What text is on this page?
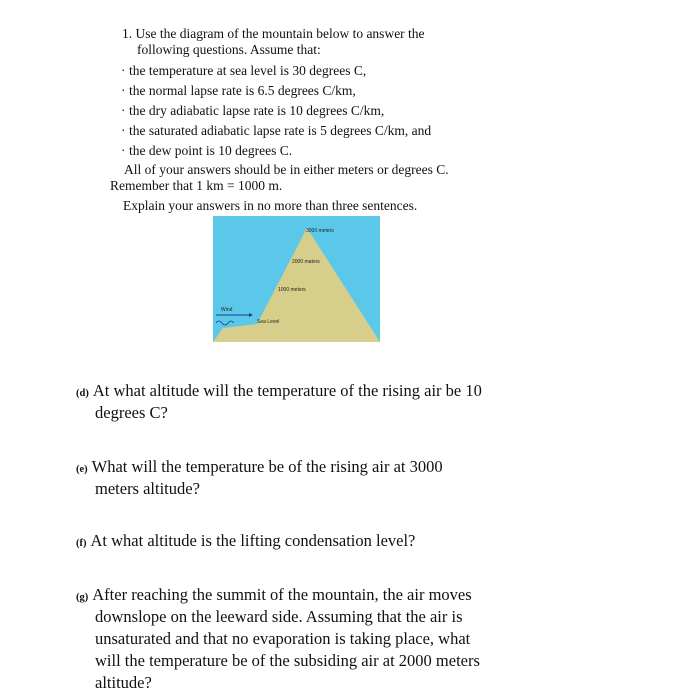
1. Use the diagram of the mountain below to answer the
following questions. Assume that:
· the temperature at sea level is 30 degrees C,
· the normal lapse rate is 6.5 degrees C/km,
· the dry adiabatic lapse rate is 10 degrees C/km,
· the saturated adiabatic lapse rate is 5 degrees C/km, and
· the dew point is 10 degrees C.
All of your answers should be in either meters or degrees C.
Remember that 1 km = 1000 m.
Explain your answers in no more than three sentences.
3000 meters
2000 maters
1000 meters
Wind
Sea Level
(d) At what altitude will the temperature of the rising air be 10
degrees C?
(e) What will the temperature be of the rising air at 3000
meters altitude?
(f) At what altitude is the lifting condensation level?
(g) After reaching the summit of the mountain, the air moves
downslope on the leeward side. Assuming that the air is
unsaturated and that no evaporation is taking place, what
will the temperature be of the subsiding air at 2000 meters
altitude?
